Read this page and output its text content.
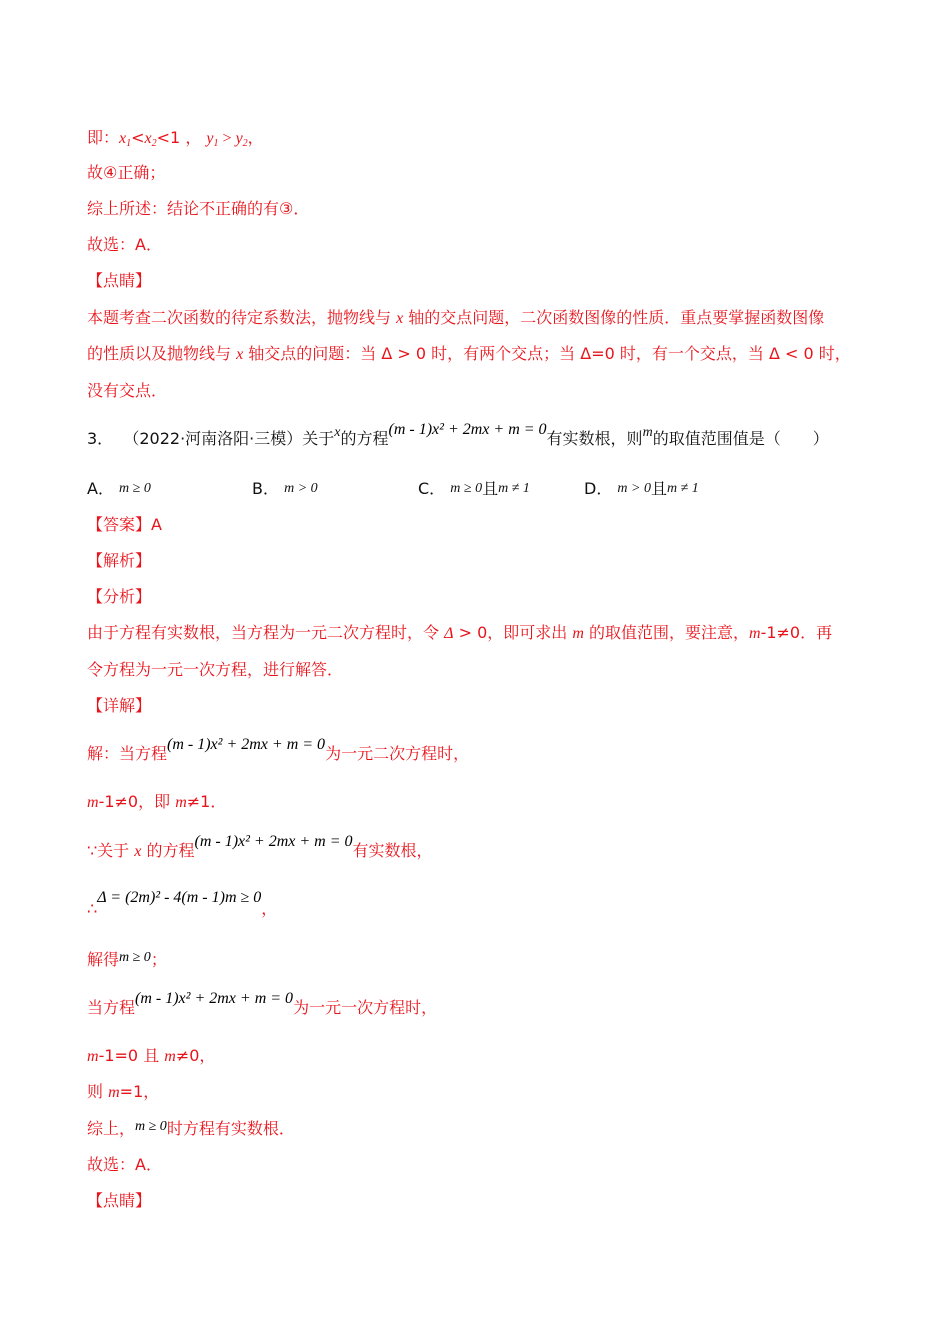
即：$x_1<x_2<1$ ， $y_1 > y_2$，
故④正确；
综上所述：结论不正确的有③．
故选：A．
【点睛】
本题考查二次函数的待定系数法，抛物线与 x 轴的交点问题，二次函数图像的性质．重点要掌握函数图像
的性质以及抛物线与 x 轴交点的问题：当 Δ > 0 时，有两个交点；当 Δ=0 时，有一个交点，当 Δ < 0 时，
没有交点．
3． （2022·河南洛阳·三模）关于x的方程(m - 1)x² + 2mx + m = 0有实数根，则m的取值范围值是（　　）
A． m ≥ 0	B． m > 0	C． m ≥ 0且m ≠ 1	D． m > 0且m ≠ 1
【答案】A
【解析】
【分析】
由于方程有实数根，当方程为一元二次方程时，令 Δ > 0，即可求出 m 的取值范围，要注意，m-1≠0．再
令方程为一元一次方程，进行解答．
【详解】
解：当方程(m - 1)x² + 2mx + m = 0为一元二次方程时，
m-1≠0，即 m≠1．
∵关于 x 的方程(m - 1)x² + 2mx + m = 0有实数根，
∴Δ = (2m)² - 4(m - 1)m ≥ 0，
解得m ≥ 0；
当方程(m - 1)x² + 2mx + m = 0为一元一次方程时，
m-1=0 且 m≠0，
则 m=1，
综上，m ≥ 0时方程有实数根．
故选：A．
【点睛】
